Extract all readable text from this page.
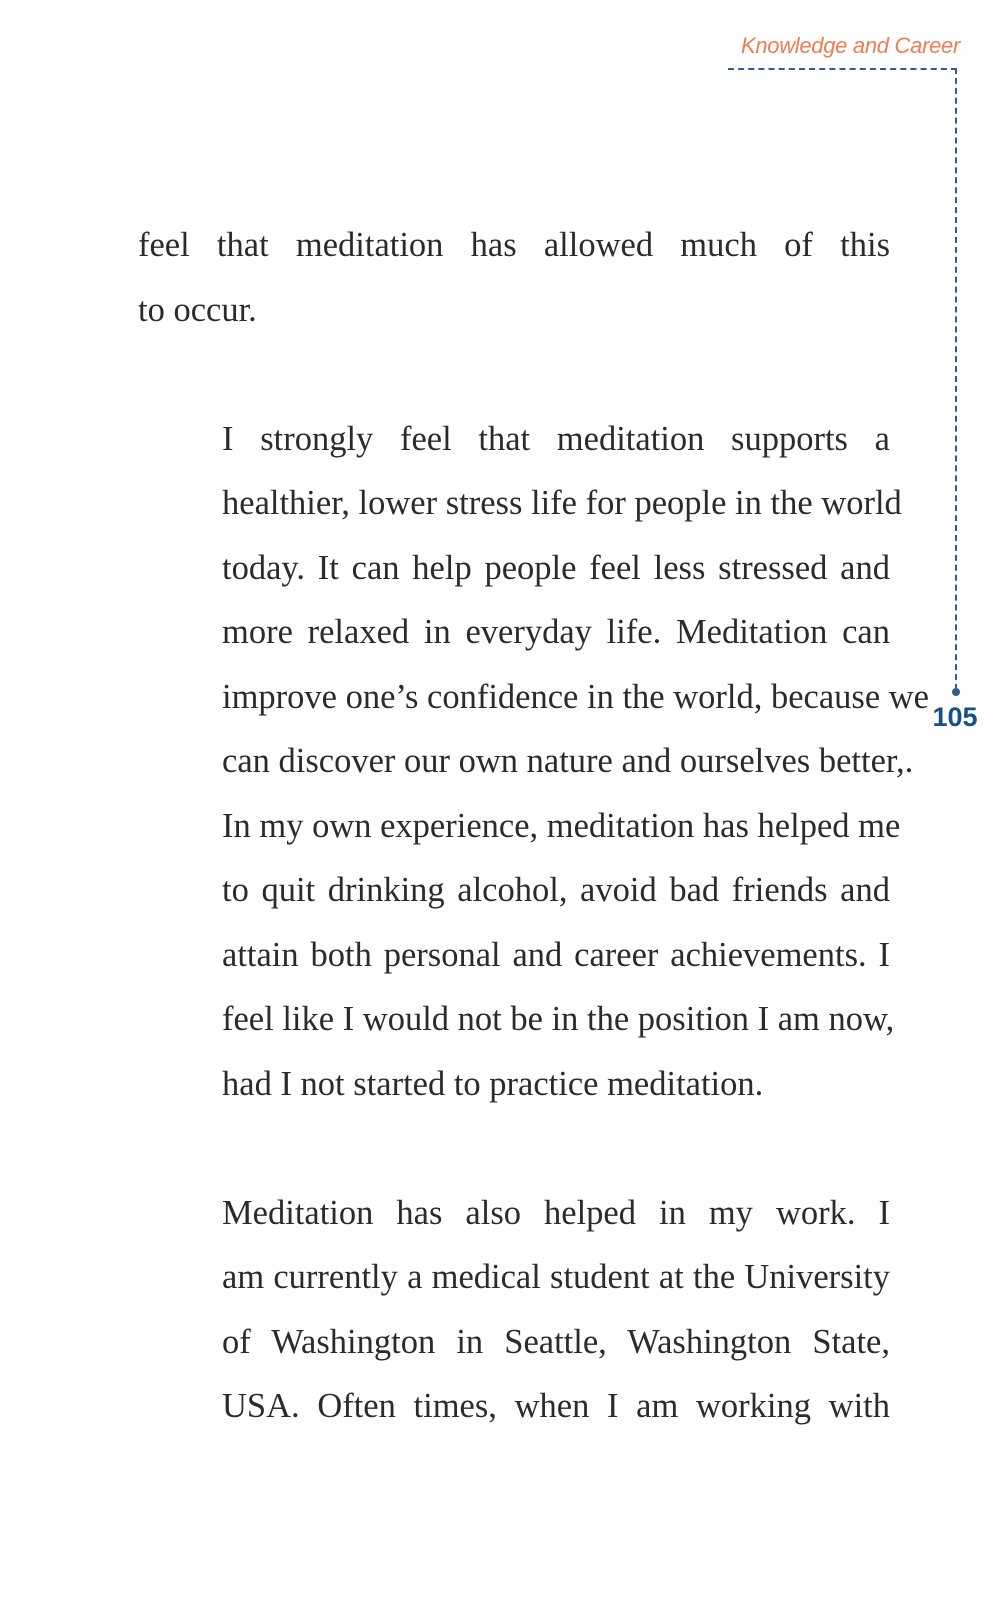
Knowledge and Career
105

feel that meditation has allowed much of this
to occur.

I strongly feel that meditation supports a
healthier, lower stress life for people in the world
today. It can help people feel less stressed and
more relaxed in everyday life. Meditation can
improve one’s confidence in the world, because we
can discover our own nature and ourselves better,.
In my own experience, meditation has helped me
to quit drinking alcohol, avoid bad friends and
attain both personal and career achievements. I
feel like I would not be in the position I am now,
had I not started to practice meditation.

Meditation has also helped in my work. I
am currently a medical student at the University
of Washington in Seattle, Washington State,
USA. Often times, when I am working with
